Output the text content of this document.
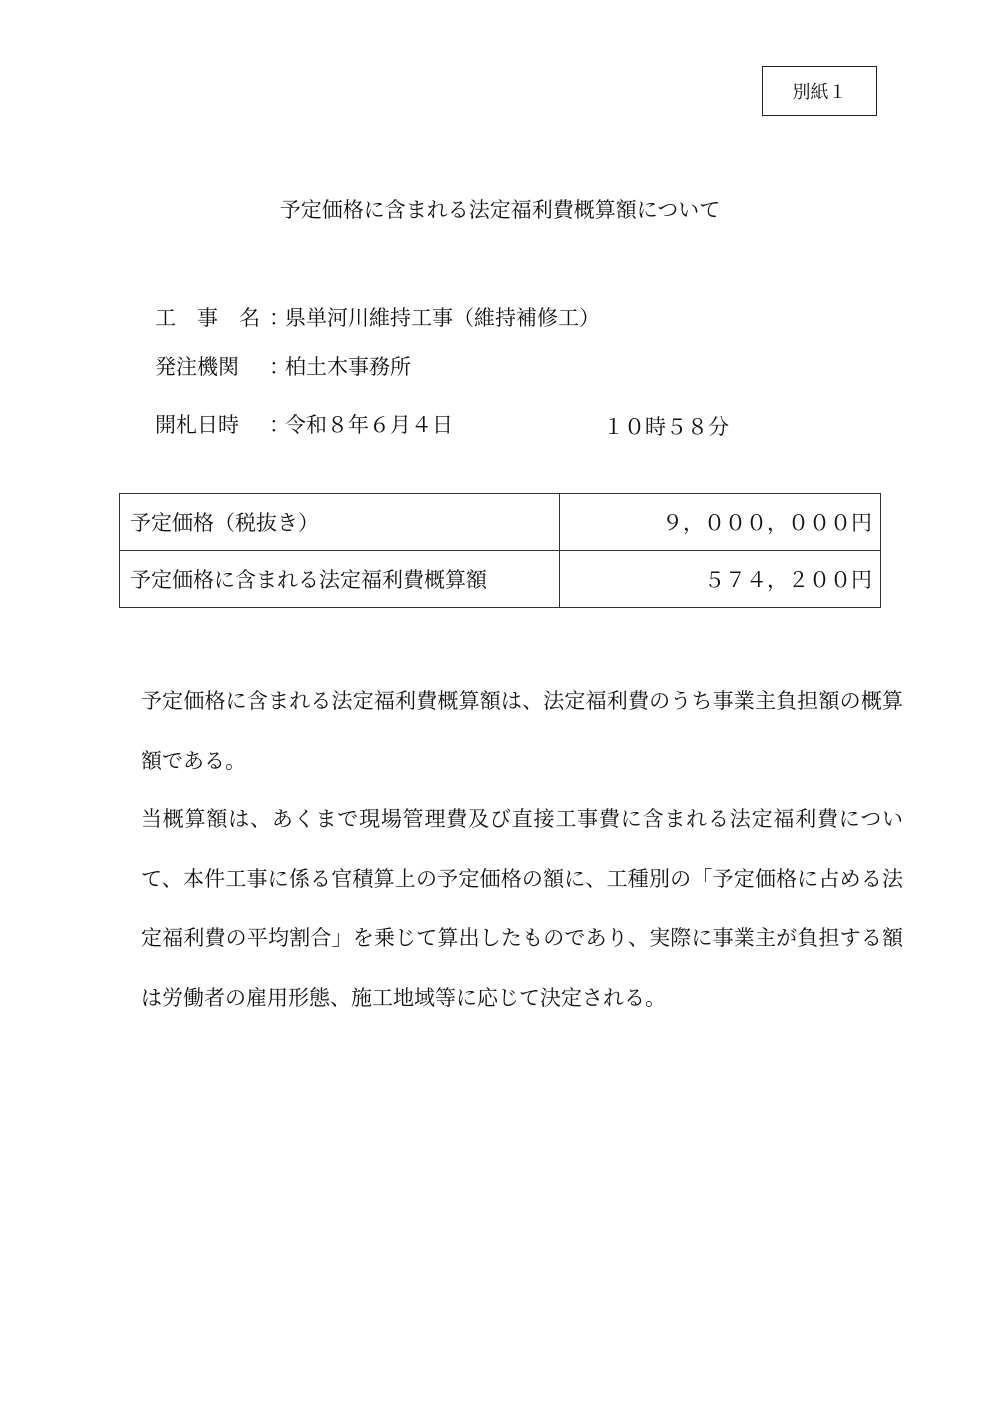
別紙１
予定価格に含まれる法定福利費概算額について
工　事　名 ：
県単河川維持工事（維持補修工）
発注機関	：
柏土木事務所
開札日時	：
令和８年６月４日	１０時５８分
予定価格（税抜き）	９，０００，０００円
予定価格に含まれる法定福利費概算額	５７４，２００円

予定価格に含まれる法定福利費概算額は、法定福利費のうち事業主負担額の概算額である。

当概算額は、あくまで現場管理費及び直接工事費に含まれる法定福利費について、本件工事に係る官積算上の予定価格の額に、工種別の「予定価格に占める法定福利費の平均割合」を乗じて算出したものであり、実際に事業主が負担する額は労働者の雇用形態、施工地域等に応じて決定される。
